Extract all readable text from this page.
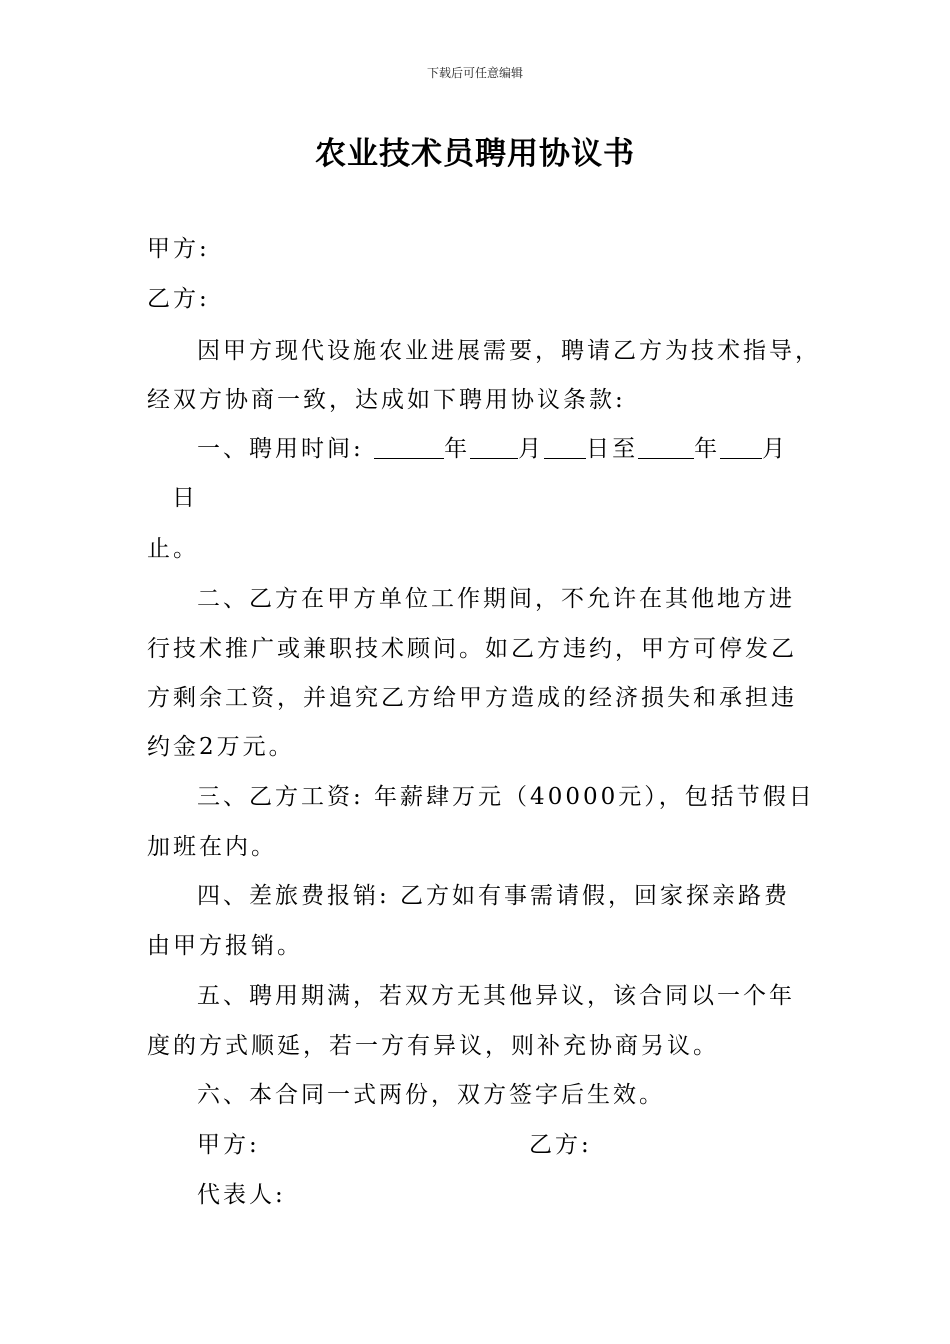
下载后可任意编辑
农业技术员聘用协议书
甲方:
乙方:
因甲方现代设施农业进展需要，聘请乙方为技术指导，
经双方协商一致，达成如下聘用协议条款:
一、聘用时间:	年 月 日至 年 月
日
止。
二、乙方在甲方单位工作期间，不允许在其他地方进
行技术推广或兼职技术顾问。如乙方违约，甲方可停发乙
方剩余工资，并追究乙方给甲方造成的经济损失和承担违
约金2万元。
三、乙方工资: 年薪肆万元（40000元），包括节假日
加班在内。
四、差旅费报销: 乙方如有事需请假，回家探亲路费
由甲方报销。
五、聘用期满，若双方无其他异议，该合同以一个年
度的方式顺延，若一方有异议，则补充协商另议。
六、本合同一式两份，双方签字后生效。
甲方:	乙方:
代表人:
